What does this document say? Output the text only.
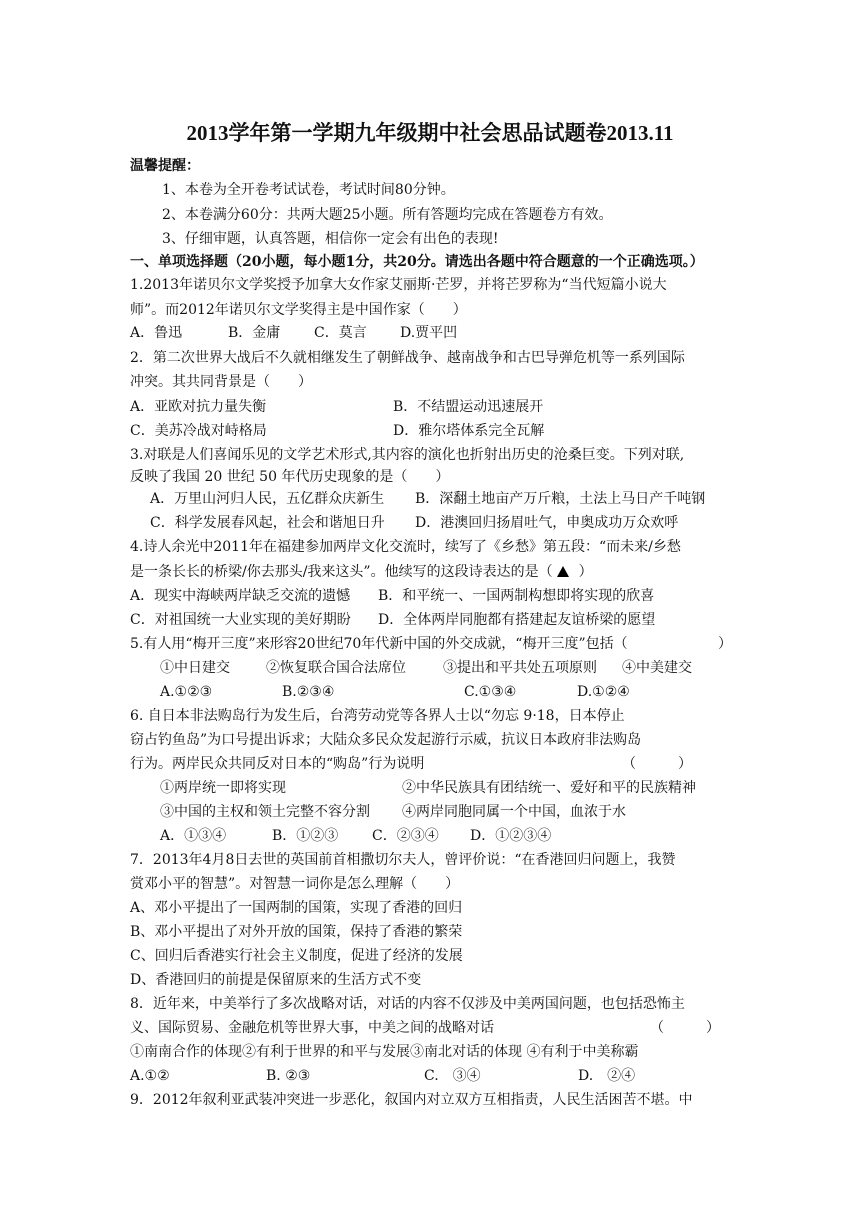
2013学年第一学期九年级期中社会思品试题卷2013.11
温馨提醒：
1、本卷为全开卷考试试卷，考试时间80分钟。
2、本卷满分60分：共两大题25小题。所有答题均完成在答题卷方有效。
3、仔细审题，认真答题，相信你一定会有出色的表现!
一、单项选择题（20小题，每小题1分，共20分。请选出各题中符合题意的一个正确选项。）
1.2013年诺贝尔文学奖授予加拿大女作家艾丽斯·芒罗，并将芒罗称为“当代短篇小说大
师”。而2012年诺贝尔文学奖得主是中国作家（　　）
A．鲁迅	B．金庸 C．莫言 D.贾平凹
2．第二次世界大战后不久就相继发生了朝鲜战争、越南战争和古巴导弹危机等一系列国际
冲突。其共同背景是（　　）
A．亚欧对抗力量失衡	B．不结盟运动迅速展开
C．美苏冷战对峙格局	D．雅尔塔体系完全瓦解
3.对联是人们喜闻乐见的文学艺术形式,其内容的演化也折射出历史的沧桑巨变。下列对联,
反映了我国 20 世纪 50 年代历史现象的是（　　）
A．万里山河归人民，五亿群众庆新生 B．深翻土地亩产万斤粮，土法上马日产千吨钢
C．科学发展春风起，社会和谐旭日升 D．港澳回归扬眉吐气，申奥成功万众欢呼
4.诗人余光中2011年在福建参加两岸文化交流时，续写了《乡愁》第五段：“而未来/乡愁
是一条长长的桥梁/你去那头/我来这头”。他续写的这段诗表达的是（ ）
A．现实中海峡两岸缺乏交流的遗憾 B．和平统一、一国两制构想即将实现的欣喜
C．对祖国统一大业实现的美好期盼 D．全体两岸同胞都有搭建起友谊桥梁的愿望
5.有人用“梅开三度”来形容20世纪70年代新中国的外交成就，“梅开三度”包括（	）
①中日建交	②恢复联合国合法席位	③提出和平共处五项原则 ④中美建交
A.①②③	B.②③④	C.①③④	D.①②④
6. 自日本非法购岛行为发生后，台湾劳动党等各界人士以“勿忘 9·18，日本停止
窃占钓鱼岛”为口号提出诉求；大陆众多民众发起游行示威，抗议日本政府非法购岛
行为。两岸民众共同反对日本的“购岛”行为说明	（　　　）
①两岸统一即将实现	②中华民族具有团结统一、爱好和平的民族精神
③中国的主权和领土完整不容分割 ④两岸同胞同属一个中国，血浓于水
A．①③④	B．①②③ C．②③④ D．①②③④
7．2013年4月8日去世的英国前首相撒切尔夫人，曾评价说：“在香港回归问题上，我赞
赏邓小平的智慧”。对智慧一词你是怎么理解（　　）
A、邓小平提出了一国两制的国策，实现了香港的回归
B、邓小平提出了对外开放的国策，保持了香港的繁荣
C、回归后香港实行社会主义制度，促进了经济的发展
D、香港回归的前提是保留原来的生活方式不变
8．近年来，中美举行了多次战略对话，对话的内容不仅涉及中美两国问题，也包括恐怖主
义、国际贸易、金融危机等世界大事，中美之间的战略对话	（　　　）
①南南合作的体现②有利于世界的和平与发展③南北对话的体现 ④有利于中美称霸
A.①②	B. ②③	C.　③④	D.　②④
9．2012年叙利亚武装冲突进一步恶化，叙国内对立双方互相指责，人民生活困苦不堪。中
